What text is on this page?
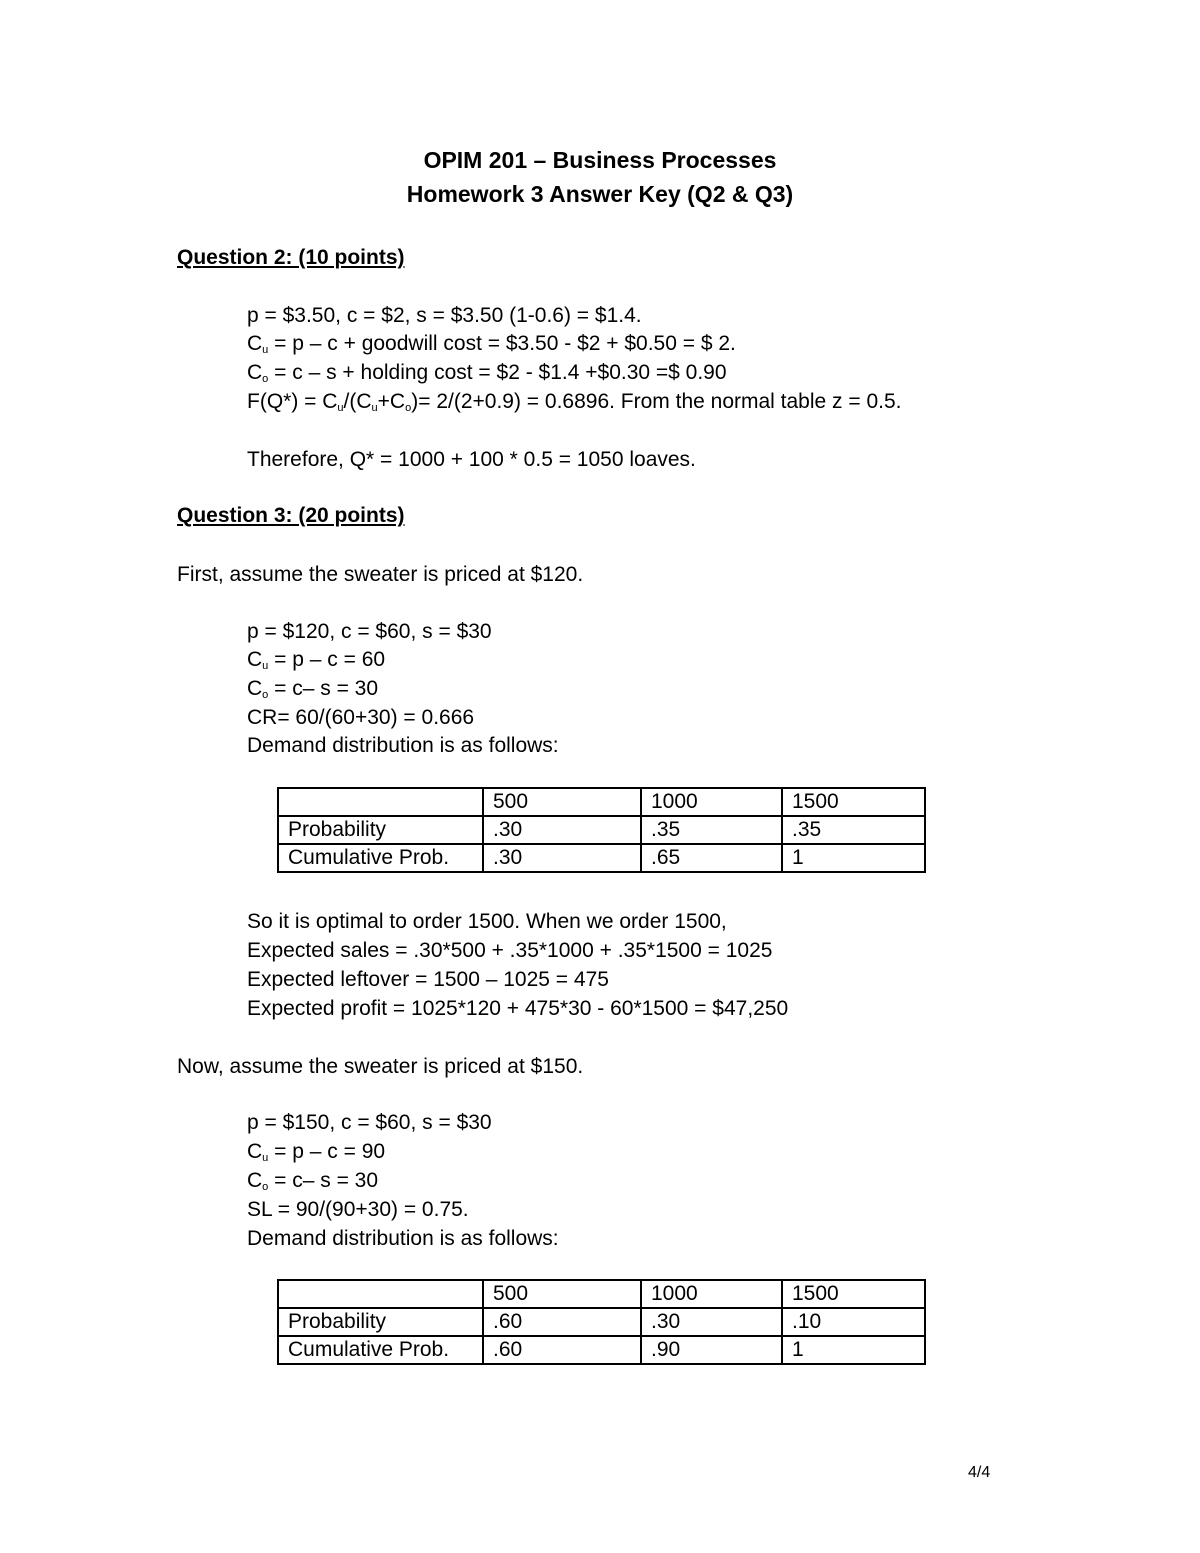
OPIM 201 – Business Processes
Homework 3 Answer Key (Q2 & Q3)
Question 2: (10 points)
p = $3.50, c = $2, s = $3.50 (1-0.6) = $1.4.
$C_u = p - c$ + goodwill cost = $3.50 - $2 + $0.50 = $ 2.
$C_o = c - s$ + holding cost = $2 - $1.4 +$0.30 =$ 0.90
$F(Q*) = C_u/(C_u+C_o)= 2/(2+0.9) = 0.6896$. From the normal table z = 0.5.
Therefore, Q* = 1000 + 100 * 0.5 = 1050 loaves.
Question 3: (20 points)
First, assume the sweater is priced at $120.
p = $120, c = $60, s = $30
$C_u = p - c = 60$
$C_o = c-$ s = 30
CR= 60/(60+30) = 0.666
Demand distribution is as follows:
	500	1000	1500
Probability	.30	.35	.35
Cumulative Prob.	.30	.65	1
So it is optimal to order 1500. When we order 1500,
Expected sales = .30*500 + .35*1000 + .35*1500 = 1025
Expected leftover = 1500 – 1025 = 475
Expected profit = 1025*120 + 475*30 - 60*1500 = $47,250
Now, assume the sweater is priced at $150.
p = $150, c = $60, s = $30
$C_u = p - c = 90$
$C_o = c-$ s = 30
SL = 90/(90+30) = 0.75.
Demand distribution is as follows:
	500	1000	1500
Probability	.60	.30	.10
Cumulative Prob.	.60	.90	1
4/4
